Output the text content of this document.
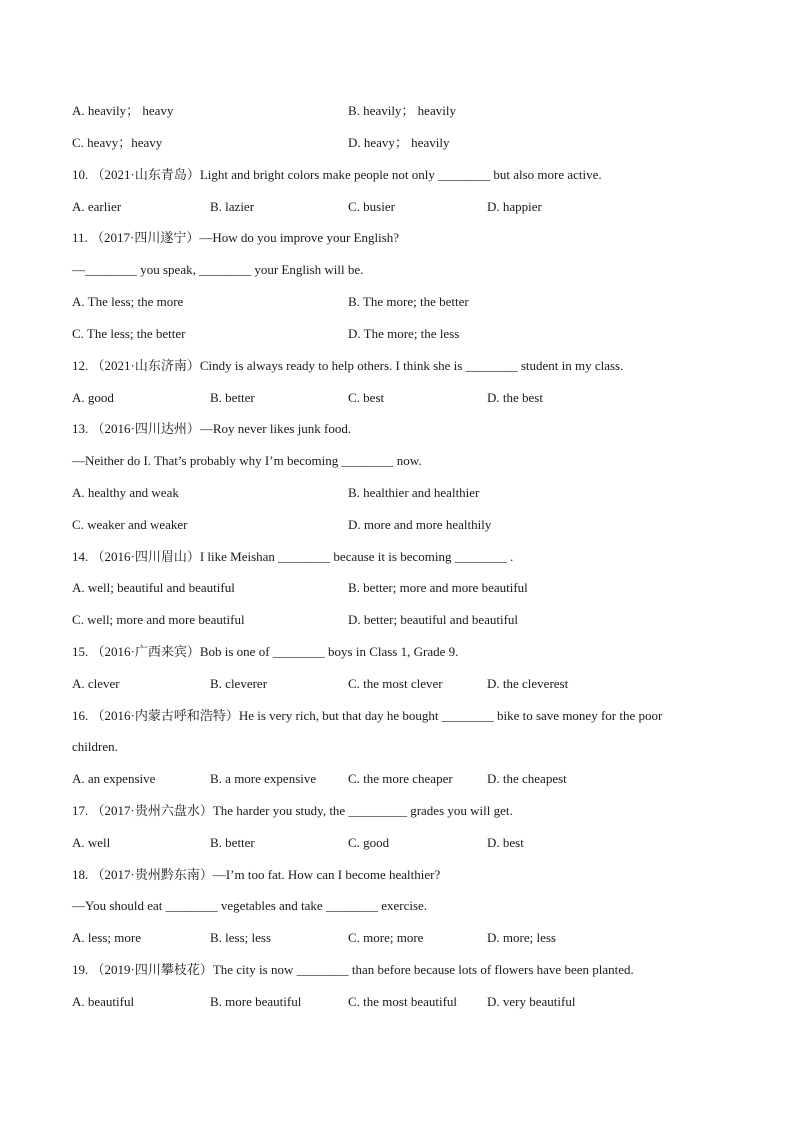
A. heavily； heavy	B. heavily； heavily
C. heavy；heavy	D. heavy； heavily
10. （2021·山东青岛）Light and bright colors make people not only ________ but also more active.
A. earlier	B. lazier	C. busier	D. happier
11. （2017·四川遂宁）—How do you improve your English?
—________ you speak, ________ your English will be.
A. The less; the more	B. The more; the better
C. The less; the better	D. The more; the less
12. （2021·山东济南）Cindy is always ready to help others. I think she is ________ student in my class.
A. good	B. better	C. best	D. the best
13. （2016·四川达州）—Roy never likes junk food.
—Neither do I. That’s probably why I’m becoming ________ now.
A. healthy and weak	B. healthier and healthier
C. weaker and weaker	D. more and more healthily
14. （2016·四川眉山）I like Meishan ________ because it is becoming ________ .
A. well; beautiful and beautiful	B. better; more and more beautiful
C. well; more and more beautiful	D. better; beautiful and beautiful
15. （2016·广西来宾）Bob is one of ________ boys in Class 1, Grade 9.
A. clever	B. cleverer	C. the most clever	D. the cleverest
16. （2016·内蒙古呼和浩特）He is very rich, but that day he bought ________ bike to save money for the poor
children.
A. an expensive	B. a more expensive C. the more cheaper	D. the cheapest
17. （2017·贵州六盘水）The harder you study, the _________ grades you will get.
A. well	B. better	C. good	D. best
18. （2017·贵州黔东南）—I’m too fat. How can I become healthier?
—You should eat ________ vegetables and take ________ exercise.
A. less; more	B. less; less	C. more; more	D. more; less
19. （2019·四川攀枝花）The city is now ________ than before because lots of flowers have been planted.
A. beautiful	B. more beautiful	C. the most beautiful D. very beautiful
